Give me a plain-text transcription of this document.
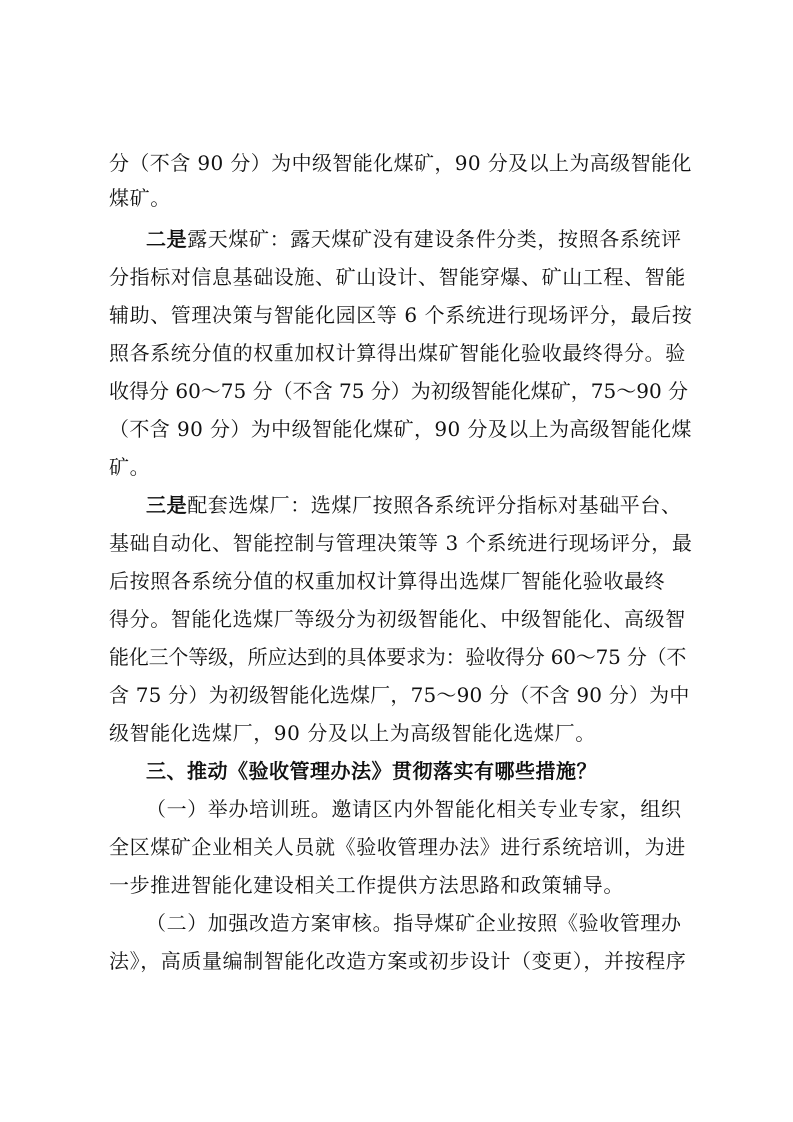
分（不含 90 分）为中级智能化煤矿，90 分及以上为高级智能化
煤矿。
二是露天煤矿：露天煤矿没有建设条件分类，按照各系统评
分指标对信息基础设施、矿山设计、智能穿爆、矿山工程、智能
辅助、管理决策与智能化园区等 6 个系统进行现场评分，最后按
照各系统分值的权重加权计算得出煤矿智能化验收最终得分。验
收得分 60～75 分（不含 75 分）为初级智能化煤矿，75～90 分
（不含 90 分）为中级智能化煤矿，90 分及以上为高级智能化煤
矿。
三是配套选煤厂：选煤厂按照各系统评分指标对基础平台、
基础自动化、智能控制与管理决策等 3 个系统进行现场评分，最
后按照各系统分值的权重加权计算得出选煤厂智能化验收最终
得分。智能化选煤厂等级分为初级智能化、中级智能化、高级智
能化三个等级，所应达到的具体要求为：验收得分 60～75 分（不
含 75 分）为初级智能化选煤厂，75～90 分（不含 90 分）为中
级智能化选煤厂，90 分及以上为高级智能化选煤厂。
三、推动《验收管理办法》贯彻落实有哪些措施？
（一）举办培训班。邀请区内外智能化相关专业专家，组织
全区煤矿企业相关人员就《验收管理办法》进行系统培训，为进
一步推进智能化建设相关工作提供方法思路和政策辅导。
（二）加强改造方案审核。指导煤矿企业按照《验收管理办
法》，高质量编制智能化改造方案或初步设计（变更），并按程序
